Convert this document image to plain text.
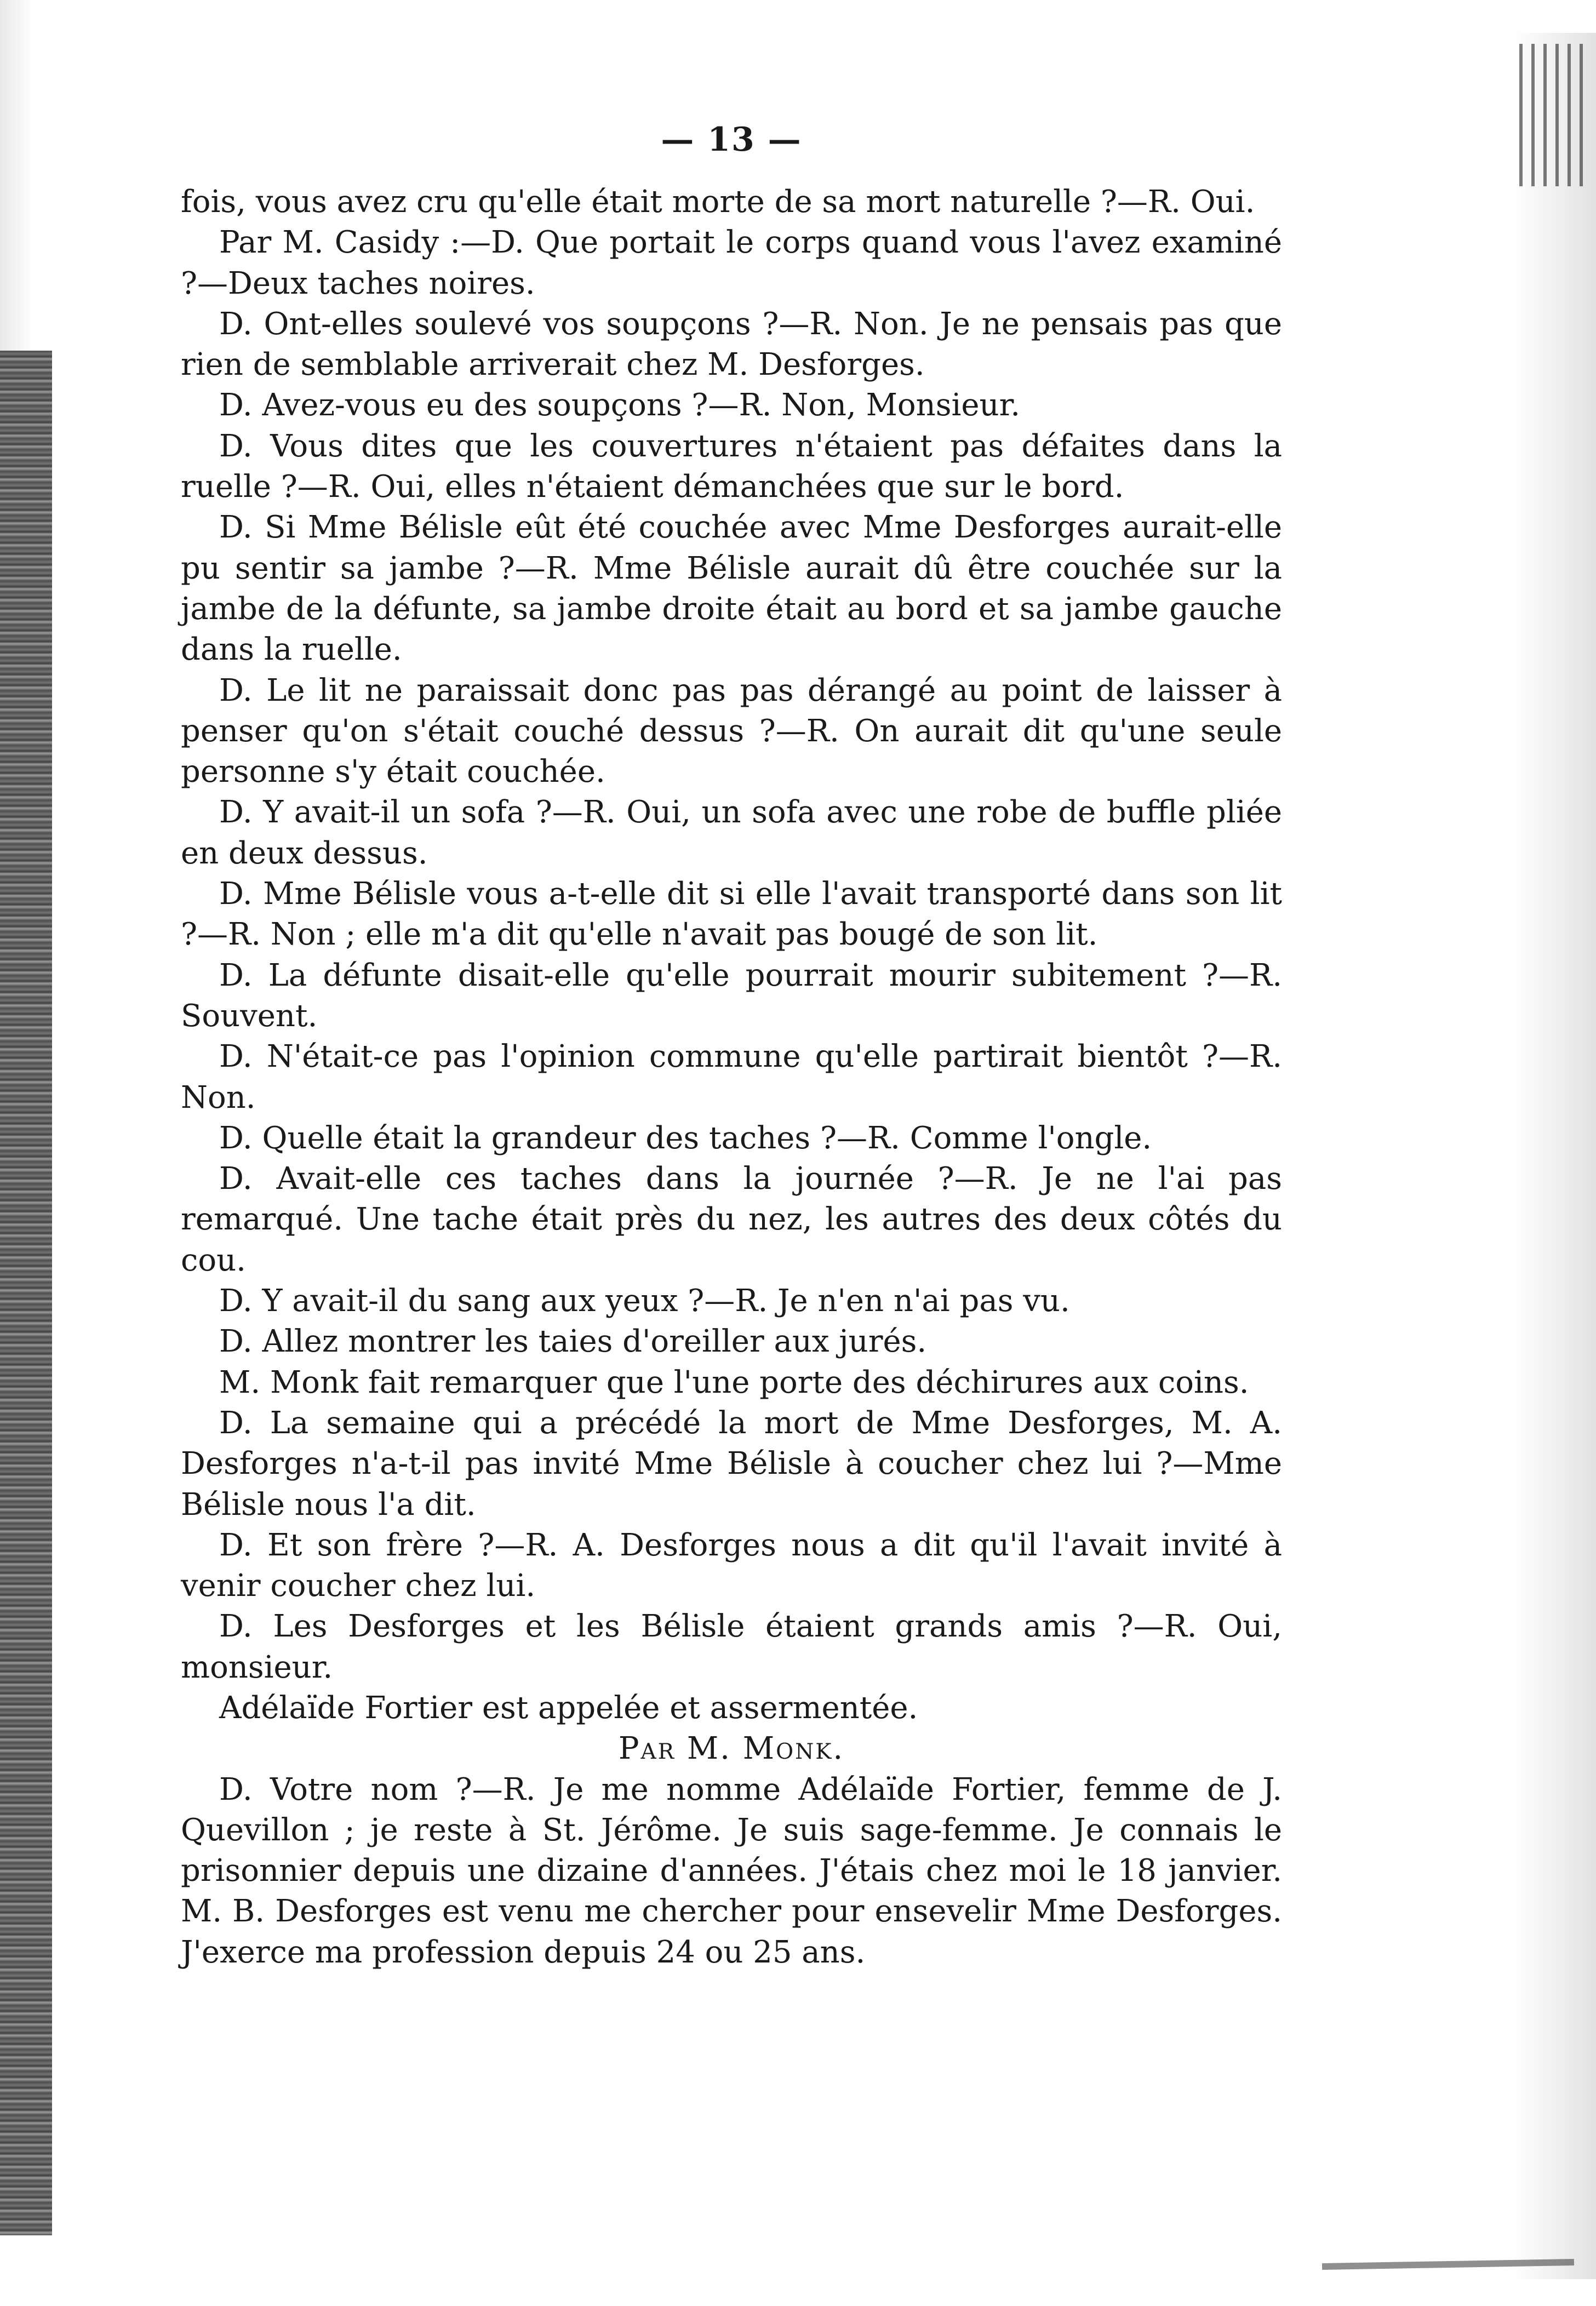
— 13 —

fois, vous avez cru qu'elle était morte de sa mort naturelle ?—R. Oui.

Par M. Casidy :—D. Que portait le corps quand vous l'avez examiné ?—Deux taches noires.

D. Ont-elles soulevé vos soupçons ?—R. Non. Je ne pensais pas que rien de semblable arriverait chez M. Desforges.

D. Avez-vous eu des soupçons ?—R. Non, Monsieur.

D. Vous dites que les couvertures n'étaient pas défaites dans la ruelle ?—R. Oui, elles n'étaient démanchées que sur le bord.

D. Si Mme Bélisle eût été couchée avec Mme Desforges aurait-elle pu sentir sa jambe ?—R. Mme Bélisle aurait dû être couchée sur la jambe de la défunte, sa jambe droite était au bord et sa jambe gauche dans la ruelle.

D. Le lit ne paraissait donc pas pas dérangé au point de laisser à penser qu'on s'était couché dessus ?—R. On aurait dit qu'une seule personne s'y était couchée.

D. Y avait-il un sofa ?—R. Oui, un sofa avec une robe de buffle pliée en deux dessus.

D. Mme Bélisle vous a-t-elle dit si elle l'avait transporté dans son lit ?—R. Non ; elle m'a dit qu'elle n'avait pas bougé de son lit.

D. La défunte disait-elle qu'elle pourrait mourir subitement ?—R. Souvent.

D. N'était-ce pas l'opinion commune qu'elle partirait bientôt ?—R. Non.

D. Quelle était la grandeur des taches ?—R. Comme l'ongle.

D. Avait-elle ces taches dans la journée ?—R. Je ne l'ai pas remarqué. Une tache était près du nez, les autres des deux côtés du cou.

D. Y avait-il du sang aux yeux ?—R. Je n'en n'ai pas vu.

D. Allez montrer les taies d'oreiller aux jurés.

M. Monk fait remarquer que l'une porte des déchirures aux coins.

D. La semaine qui a précédé la mort de Mme Desforges, M. A. Desforges n'a-t-il pas invité Mme Bélisle à coucher chez lui ?—Mme Bélisle nous l'a dit.

D. Et son frère ?—R. A. Desforges nous a dit qu'il l'avait invité à venir coucher chez lui.

D. Les Desforges et les Bélisle étaient grands amis ?—R. Oui, monsieur.

Adélaïde Fortier est appelée et assermentée.

Par M. Monk.

D. Votre nom ?—R. Je me nomme Adélaïde Fortier, femme de J. Quevillon ; je reste à St. Jérôme. Je suis sage-femme. Je connais le prisonnier depuis une dizaine d'années. J'étais chez moi le 18 janvier. M. B. Desforges est venu me chercher pour ensevelir Mme Desforges. J'exerce ma profession depuis 24 ou 25 ans.
